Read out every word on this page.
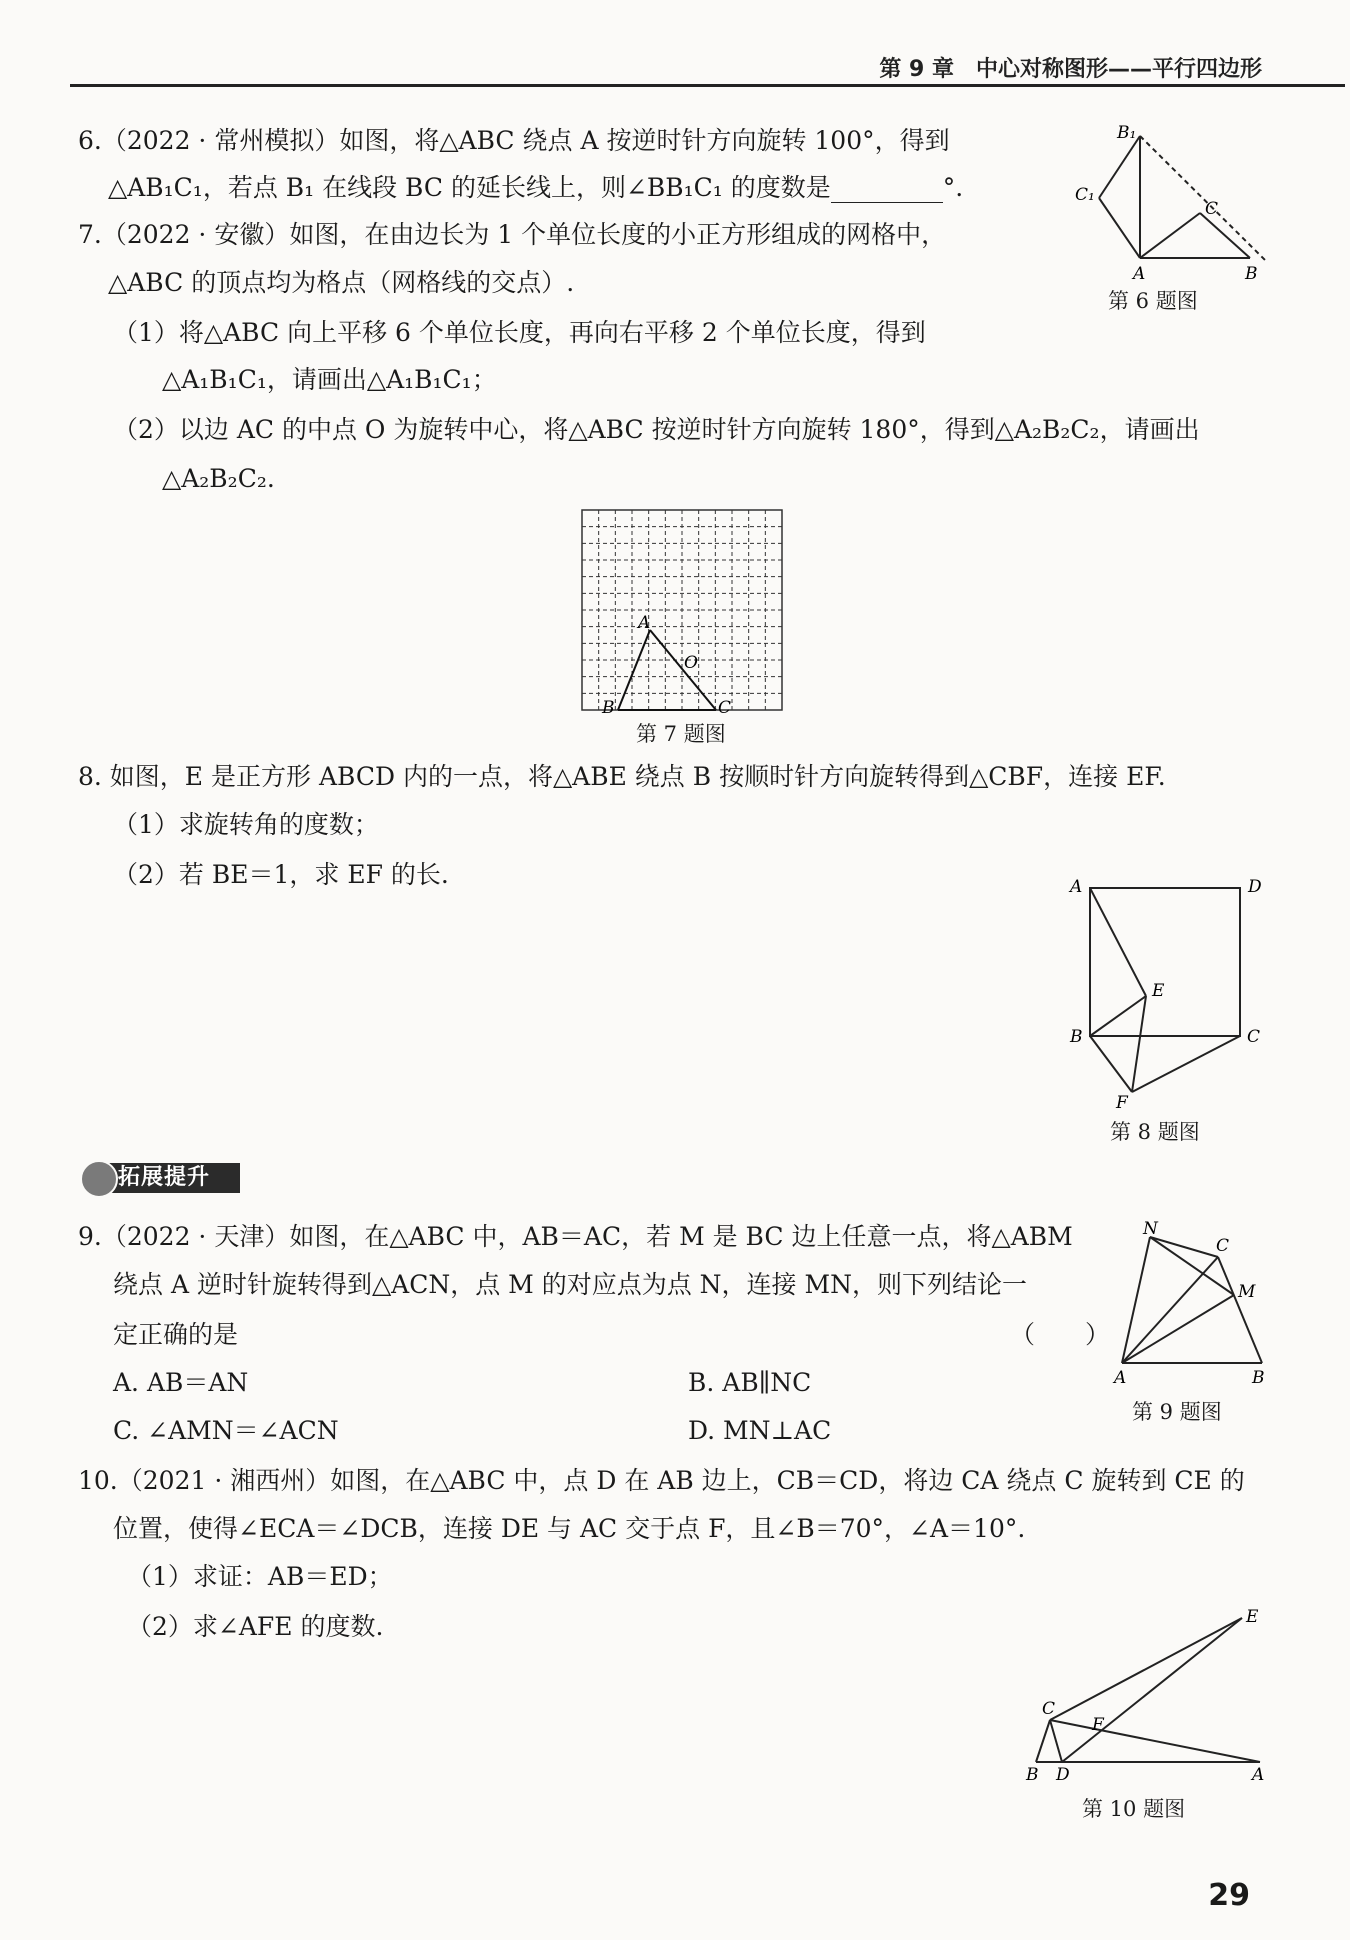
第 9 章　中心对称图形——平行四边形
6.（2022 · 常州模拟）如图，将△ABC 绕点 A 按逆时针方向旋转 100°，得到
△AB₁C₁，若点 B₁ 在线段 BC 的延长线上，则∠BB₁C₁ 的度数是	°.
B₁
C₁
C
A	B
第 6 题图
7.（2022 · 安徽）如图，在由边长为 1 个单位长度的小正方形组成的网格中，
△ABC 的顶点均为格点（网格线的交点）.
（1）将△ABC 向上平移 6 个单位长度，再向右平移 2 个单位长度，得到
△A₁B₁C₁，请画出△A₁B₁C₁；
（2）以边 AC 的中点 O 为旋转中心，将△ABC 按逆时针方向旋转 180°，得到△A₂B₂C₂，请画出
△A₂B₂C₂.
A
O
B	C
第 7 题图
8. 如图，E 是正方形 ABCD 内的一点，将△ABE 绕点 B 按顺时针方向旋转得到△CBF，连接 EF.
（1）求旋转角的度数；
（2）若 BE＝1，求 EF 的长.	A	D
E
B	C
F
第 8 题图
拓展提升
9.（2022 · 天津）如图，在△ABC 中，AB＝AC，若 M 是 BC 边上任意一点，将△ABM
绕点 A 逆时针旋转得到△ACN，点 M 的对应点为点 N，连接 MN，则下列结论一
定正确的是	（　　）
A. AB＝AN	B. AB∥NC
C. ∠AMN＝∠ACN	D. MN⊥AC
N
C
M
A	B
第 9 题图
10.（2021 · 湘西州）如图，在△ABC 中，点 D 在 AB 边上，CB＝CD，将边 CA 绕点 C 旋转到 CE 的
位置，使得∠ECA＝∠DCB，连接 DE 与 AC 交于点 F，且∠B＝70°，∠A＝10°.
（1）求证：AB＝ED；
（2）求∠AFE 的度数.	E
C
F
B D	A
第 10 题图
29
